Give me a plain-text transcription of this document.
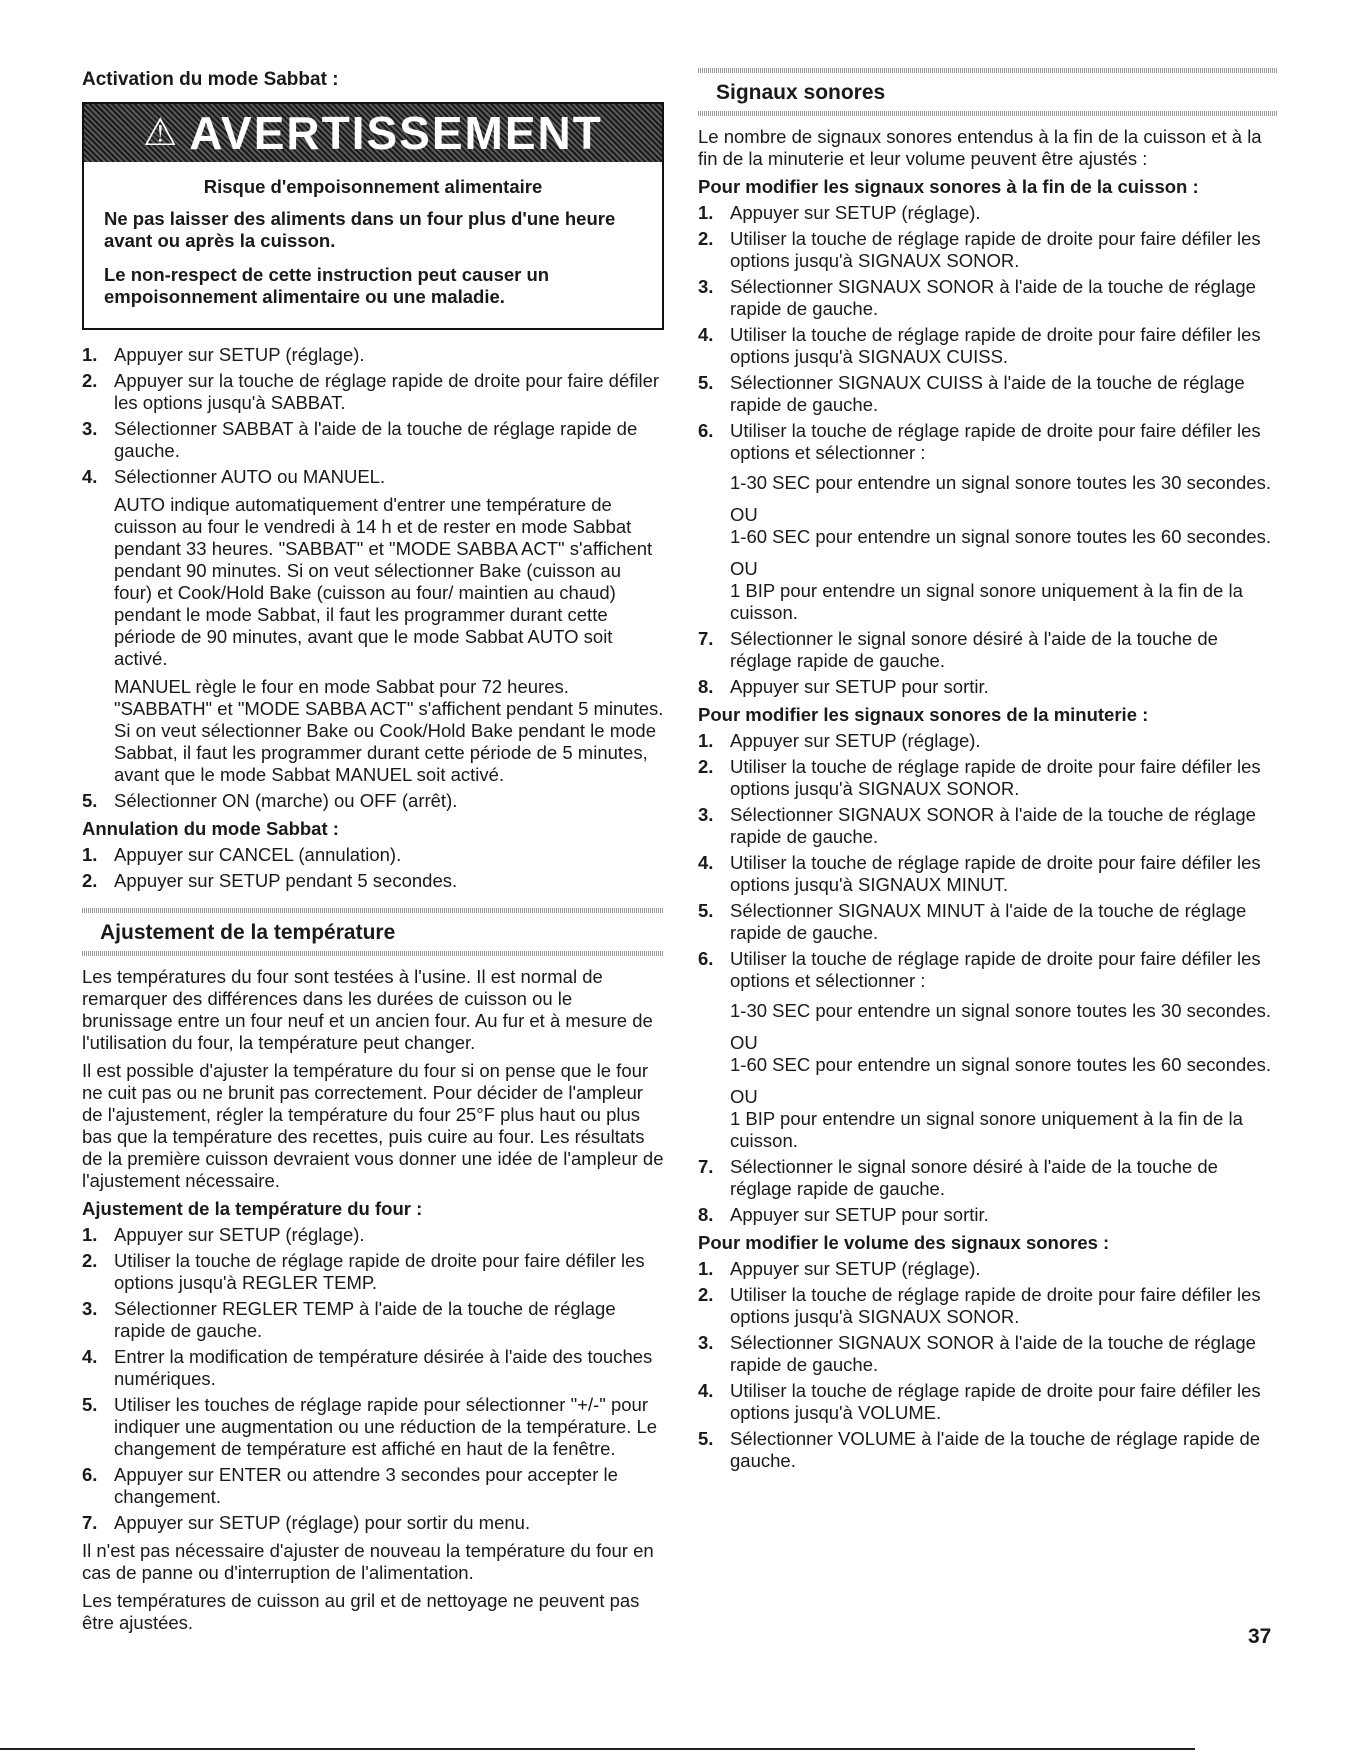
Activation du mode Sabbat :
⚠ AVERTISSEMENT

Risque d'empoisonnement alimentaire

Ne pas laisser des aliments dans un four plus d'une heure avant ou après la cuisson.

Le non-respect de cette instruction peut causer un empoisonnement alimentaire ou une maladie.

1. Appuyer sur SETUP (réglage).
2. Appuyer sur la touche de réglage rapide de droite pour faire défiler les options jusqu'à SABBAT.
3. Sélectionner SABBAT à l'aide de la touche de réglage rapide de gauche.
4. Sélectionner AUTO ou MANUEL.
AUTO indique automatiquement d'entrer une température de cuisson au four le vendredi à 14 h et de rester en mode Sabbat pendant 33 heures. "SABBAT" et "MODE SABBA ACT" s'affichent pendant 90 minutes. Si on veut sélectionner Bake (cuisson au four) et Cook/Hold Bake (cuisson au four/ maintien au chaud) pendant le mode Sabbat, il faut les programmer durant cette période de 90 minutes, avant que le mode Sabbat AUTO soit activé.
MANUEL règle le four en mode Sabbat pour 72 heures. "SABBATH" et "MODE SABBA ACT" s'affichent pendant 5 minutes. Si on veut sélectionner Bake ou Cook/Hold Bake pendant le mode Sabbat, il faut les programmer durant cette période de 5 minutes, avant que le mode Sabbat MANUEL soit activé.
5. Sélectionner ON (marche) ou OFF (arrêt).
Annulation du mode Sabbat :
1. Appuyer sur CANCEL (annulation).
2. Appuyer sur SETUP pendant 5 secondes.
Ajustement de la température

Les températures du four sont testées à l'usine. Il est normal de remarquer des différences dans les durées de cuisson ou le brunissage entre un four neuf et un ancien four. Au fur et à mesure de l'utilisation du four, la température peut changer.

Il est possible d'ajuster la température du four si on pense que le four ne cuit pas ou ne brunit pas correctement. Pour décider de l'ampleur de l'ajustement, régler la température du four 25°F plus haut ou plus bas que la température des recettes, puis cuire au four. Les résultats de la première cuisson devraient vous donner une idée de l'ampleur de l'ajustement nécessaire.

Ajustement de la température du four :
1. Appuyer sur SETUP (réglage).
2. Utiliser la touche de réglage rapide de droite pour faire défiler les options jusqu'à REGLER TEMP.
3. Sélectionner REGLER TEMP à l'aide de la touche de réglage rapide de gauche.
4. Entrer la modification de température désirée à l'aide des touches numériques.
5. Utiliser les touches de réglage rapide pour sélectionner "+/-" pour indiquer une augmentation ou une réduction de la température. Le changement de température est affiché en haut de la fenêtre.
6. Appuyer sur ENTER ou attendre 3 secondes pour accepter le changement.
7. Appuyer sur SETUP (réglage) pour sortir du menu.

Il n'est pas nécessaire d'ajuster de nouveau la température du four en cas de panne ou d'interruption de l'alimentation.

Les températures de cuisson au gril et de nettoyage ne peuvent pas être ajustées.

Signaux sonores

Le nombre de signaux sonores entendus à la fin de la cuisson et à la fin de la minuterie et leur volume peuvent être ajustés :

Pour modifier les signaux sonores à la fin de la cuisson :
1. Appuyer sur SETUP (réglage).
2. Utiliser la touche de réglage rapide de droite pour faire défiler les options jusqu'à SIGNAUX SONOR.
3. Sélectionner SIGNAUX SONOR à l'aide de la touche de réglage rapide de gauche.
4. Utiliser la touche de réglage rapide de droite pour faire défiler les options jusqu'à SIGNAUX CUISS.
5. Sélectionner SIGNAUX CUISS à l'aide de la touche de réglage rapide de gauche.
6. Utiliser la touche de réglage rapide de droite pour faire défiler les options et sélectionner :
1-30 SEC pour entendre un signal sonore toutes les 30 secondes.
OU
1-60 SEC pour entendre un signal sonore toutes les 60 secondes.
OU
1 BIP pour entendre un signal sonore uniquement à la fin de la cuisson.
7. Sélectionner le signal sonore désiré à l'aide de la touche de réglage rapide de gauche.
8. Appuyer sur SETUP pour sortir.
Pour modifier les signaux sonores de la minuterie :
1. Appuyer sur SETUP (réglage).
2. Utiliser la touche de réglage rapide de droite pour faire défiler les options jusqu'à SIGNAUX SONOR.
3. Sélectionner SIGNAUX SONOR à l'aide de la touche de réglage rapide de gauche.
4. Utiliser la touche de réglage rapide de droite pour faire défiler les options jusqu'à SIGNAUX MINUT.
5. Sélectionner SIGNAUX MINUT à l'aide de la touche de réglage rapide de gauche.
6. Utiliser la touche de réglage rapide de droite pour faire défiler les options et sélectionner :
1-30 SEC pour entendre un signal sonore toutes les 30 secondes.
OU
1-60 SEC pour entendre un signal sonore toutes les 60 secondes.
OU
1 BIP pour entendre un signal sonore uniquement à la fin de la cuisson.
7. Sélectionner le signal sonore désiré à l'aide de la touche de réglage rapide de gauche.
8. Appuyer sur SETUP pour sortir.
Pour modifier le volume des signaux sonores :
1. Appuyer sur SETUP (réglage).
2. Utiliser la touche de réglage rapide de droite pour faire défiler les options jusqu'à SIGNAUX SONOR.
3. Sélectionner SIGNAUX SONOR à l'aide de la touche de réglage rapide de gauche.
4. Utiliser la touche de réglage rapide de droite pour faire défiler les options jusqu'à VOLUME.
5. Sélectionner VOLUME à l'aide de la touche de réglage rapide de gauche.
37
